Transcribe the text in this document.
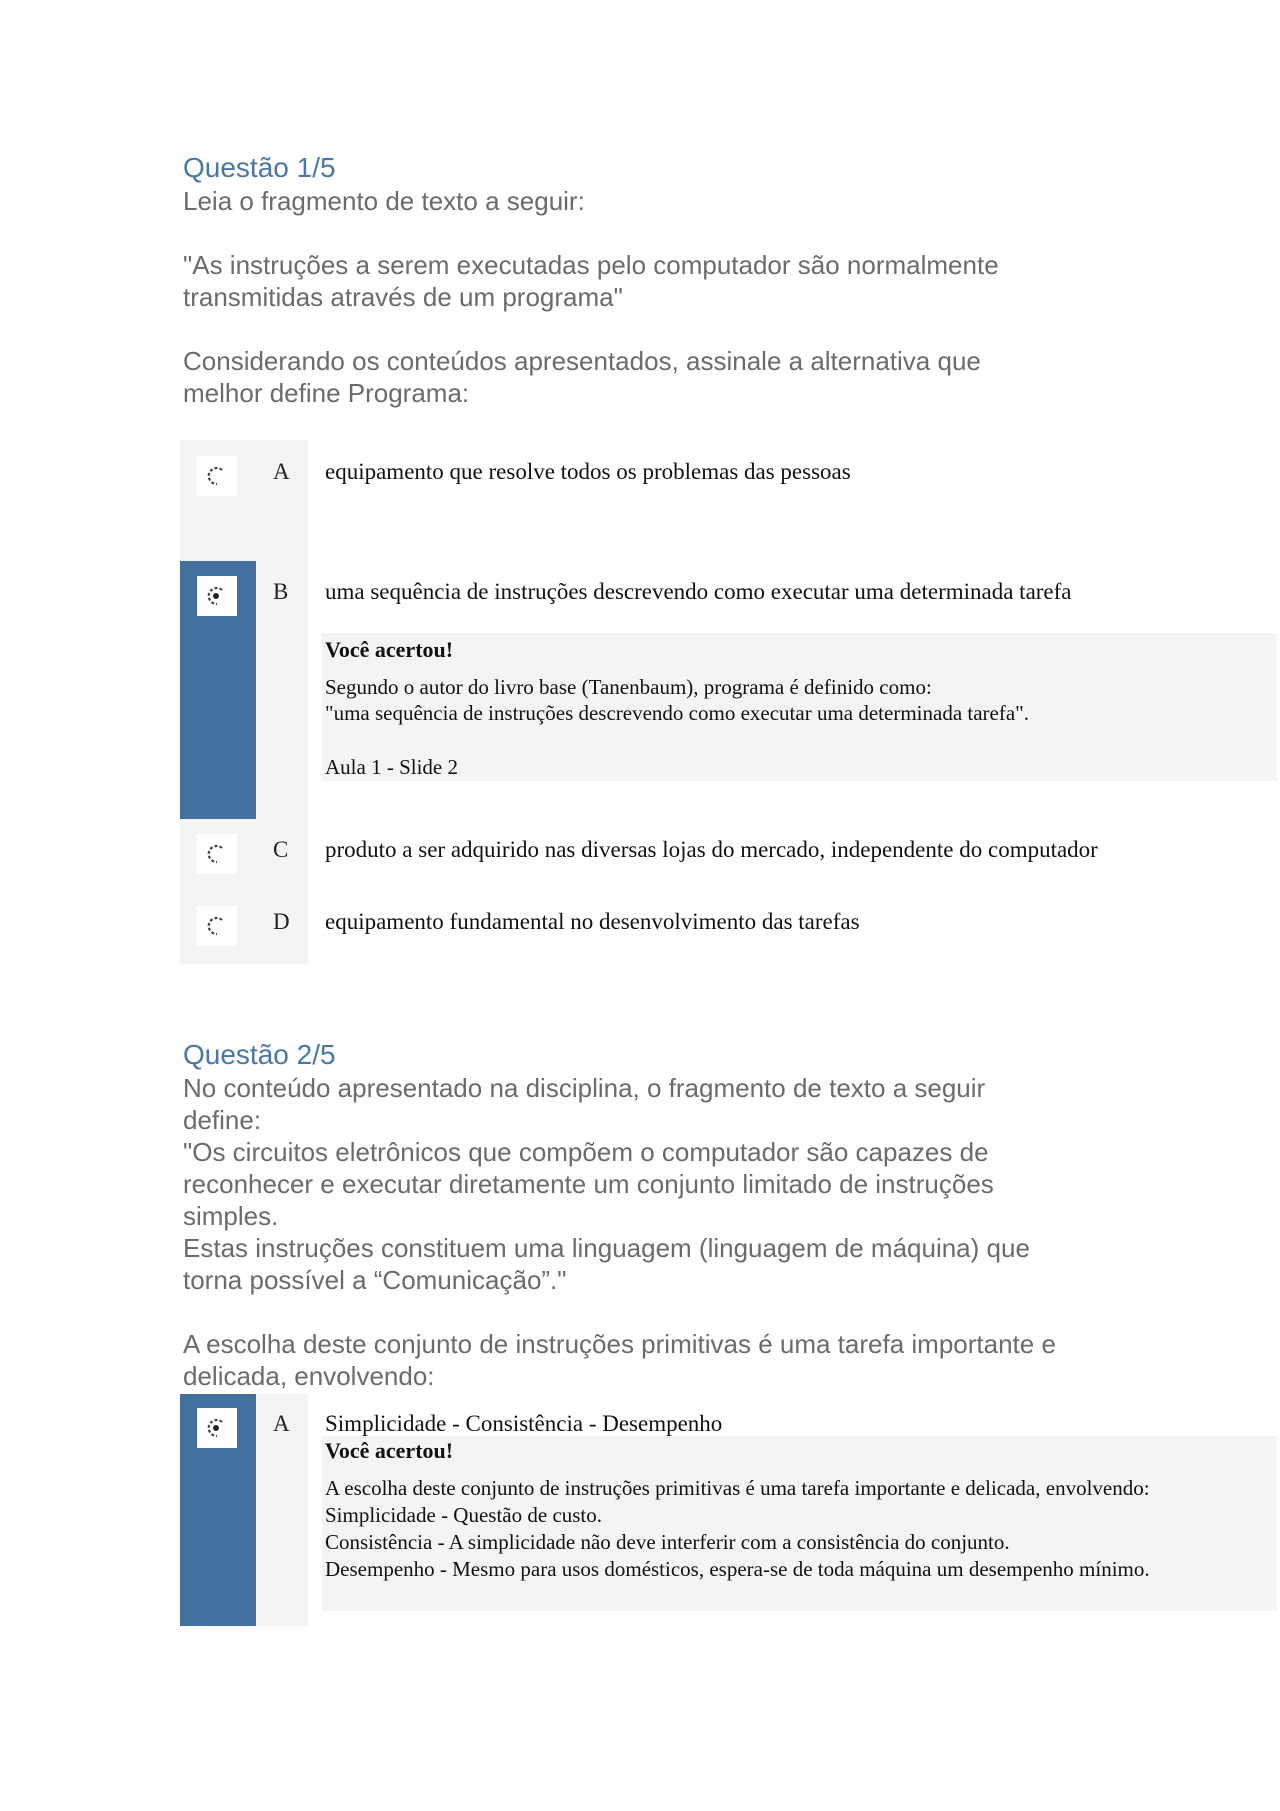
Questão 1/5
Leia o fragmento de texto a seguir:
"As instruções a serem executadas pelo computador são normalmente
transmitidas através de um programa"
Considerando os conteúdos apresentados, assinale a alternativa que
melhor define Programa:
A equipamento que resolve todos os problemas das pessoas
B uma sequência de instruções descrevendo como executar uma determinada tarefa
Você acertou!
Segundo o autor do livro base (Tanenbaum), programa é definido como:
"uma sequência de instruções descrevendo como executar uma determinada tarefa".
Aula 1 - Slide 2
C produto a ser adquirido nas diversas lojas do mercado, independente do computador
D equipamento fundamental no desenvolvimento das tarefas
Questão 2/5
No conteúdo apresentado na disciplina, o fragmento de texto a seguir
define:
"Os circuitos eletrônicos que compõem o computador são capazes de
reconhecer e executar diretamente um conjunto limitado de instruções
simples.
Estas instruções constituem uma linguagem (linguagem de máquina) que
torna possível a “Comunicação”."
A escolha deste conjunto de instruções primitivas é uma tarefa importante e
delicada, envolvendo:
A Simplicidade - Consistência - Desempenho
Você acertou!
A escolha deste conjunto de instruções primitivas é uma tarefa importante e delicada, envolvendo:
Simplicidade - Questão de custo.
Consistência - A simplicidade não deve interferir com a consistência do conjunto.
Desempenho - Mesmo para usos domésticos, espera-se de toda máquina um desempenho mínimo.
